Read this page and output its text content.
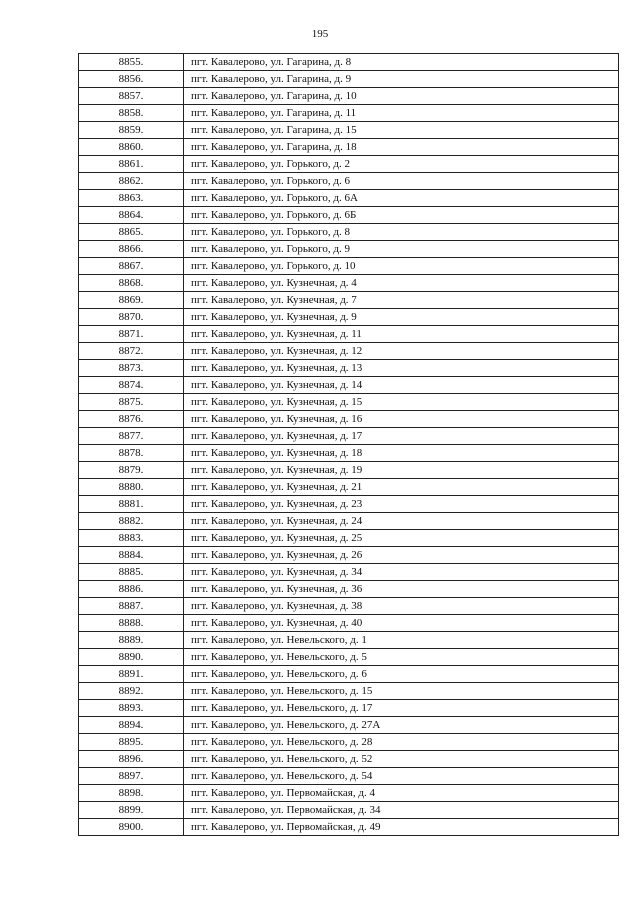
195
8855.	пгт. Кавалерово, ул. Гагарина, д. 8
8856.	пгт. Кавалерово, ул. Гагарина, д. 9
8857.	пгт. Кавалерово, ул. Гагарина, д. 10
8858.	пгт. Кавалерово, ул. Гагарина, д. 11
8859.	пгт. Кавалерово, ул. Гагарина, д. 15
8860.	пгт. Кавалерово, ул. Гагарина, д. 18
8861.	пгт. Кавалерово, ул. Горького, д. 2
8862.	пгт. Кавалерово, ул. Горького, д. 6
8863.	пгт. Кавалерово, ул. Горького, д. 6А
8864.	пгт. Кавалерово, ул. Горького, д. 6Б
8865.	пгт. Кавалерово, ул. Горького, д. 8
8866.	пгт. Кавалерово, ул. Горького, д. 9
8867.	пгт. Кавалерово, ул. Горького, д. 10
8868.	пгт. Кавалерово, ул. Кузнечная, д. 4
8869.	пгт. Кавалерово, ул. Кузнечная, д. 7
8870.	пгт. Кавалерово, ул. Кузнечная, д. 9
8871.	пгт. Кавалерово, ул. Кузнечная, д. 11
8872.	пгт. Кавалерово, ул. Кузнечная, д. 12
8873.	пгт. Кавалерово, ул. Кузнечная, д. 13
8874.	пгт. Кавалерово, ул. Кузнечная, д. 14
8875.	пгт. Кавалерово, ул. Кузнечная, д. 15
8876.	пгт. Кавалерово, ул. Кузнечная, д. 16
8877.	пгт. Кавалерово, ул. Кузнечная, д. 17
8878.	пгт. Кавалерово, ул. Кузнечная, д. 18
8879.	пгт. Кавалерово, ул. Кузнечная, д. 19
8880.	пгт. Кавалерово, ул. Кузнечная, д. 21
8881.	пгт. Кавалерово, ул. Кузнечная, д. 23
8882.	пгт. Кавалерово, ул. Кузнечная, д. 24
8883.	пгт. Кавалерово, ул. Кузнечная, д. 25
8884.	пгт. Кавалерово, ул. Кузнечная, д. 26
8885.	пгт. Кавалерово, ул. Кузнечная, д. 34
8886.	пгт. Кавалерово, ул. Кузнечная, д. 36
8887.	пгт. Кавалерово, ул. Кузнечная, д. 38
8888.	пгт. Кавалерово, ул. Кузнечная, д. 40
8889.	пгт. Кавалерово, ул. Невельского, д. 1
8890.	пгт. Кавалерово, ул. Невельского, д. 5
8891.	пгт. Кавалерово, ул. Невельского, д. 6
8892.	пгт. Кавалерово, ул. Невельского, д. 15
8893.	пгт. Кавалерово, ул. Невельского, д. 17
8894.	пгт. Кавалерово, ул. Невельского, д. 27А
8895.	пгт. Кавалерово, ул. Невельского, д. 28
8896.	пгт. Кавалерово, ул. Невельского, д. 52
8897.	пгт. Кавалерово, ул. Невельского, д. 54
8898.	пгт. Кавалерово, ул. Первомайская, д. 4
8899.	пгт. Кавалерово, ул. Первомайская, д. 34
8900.	пгт. Кавалерово, ул. Первомайская, д. 49
